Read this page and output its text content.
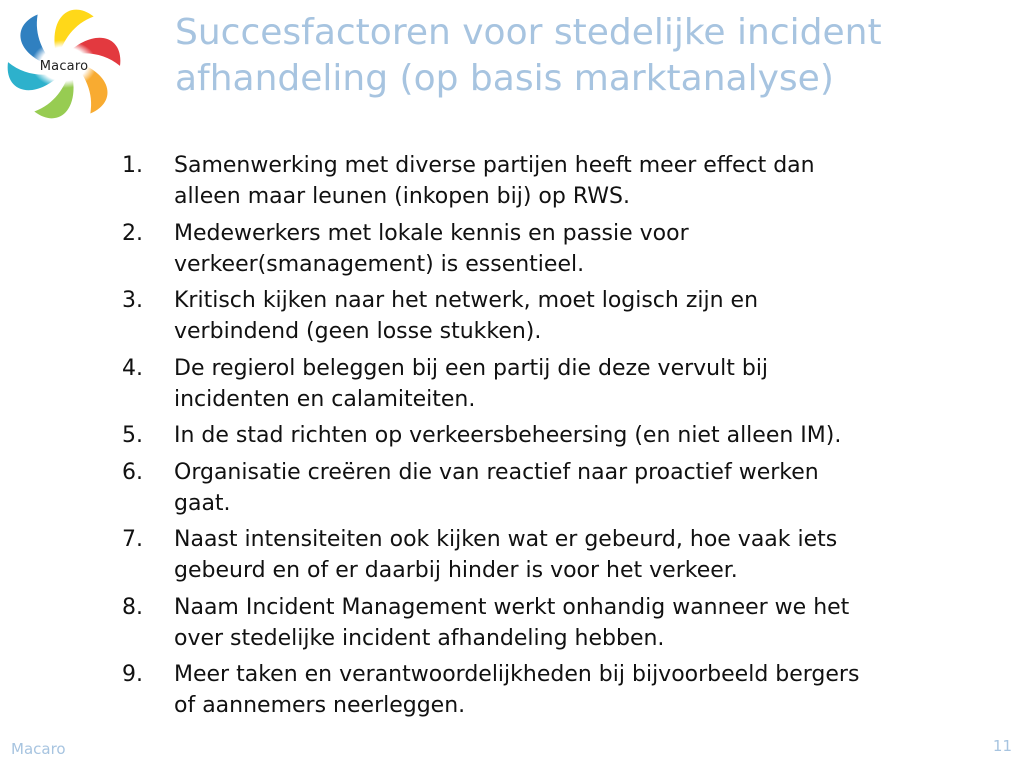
Macaro
Succesfactoren voor stedelijke incident
afhandeling (op basis marktanalyse)
1. Samenwerking met diverse partijen heeft meer effect dan
alleen maar leunen (inkopen bij) op RWS.
2. Medewerkers met lokale kennis en passie voor
verkeer(smanagement) is essentieel.
3. Kritisch kijken naar het netwerk, moet logisch zijn en
verbindend (geen losse stukken).
4. De regierol beleggen bij een partij die deze vervult bij
incidenten en calamiteiten.
5. In de stad richten op verkeersbeheersing (en niet alleen IM).
6. Organisatie creëren die van reactief naar proactief werken
gaat.
7. Naast intensiteiten ook kijken wat er gebeurd, hoe vaak iets
gebeurd en of er daarbij hinder is voor het verkeer.
8. Naam Incident Management werkt onhandig wanneer we het
over stedelijke incident afhandeling hebben.
9. Meer taken en verantwoordelijkheden bij bijvoorbeeld bergers
of aannemers neerleggen.
Macaro	11
